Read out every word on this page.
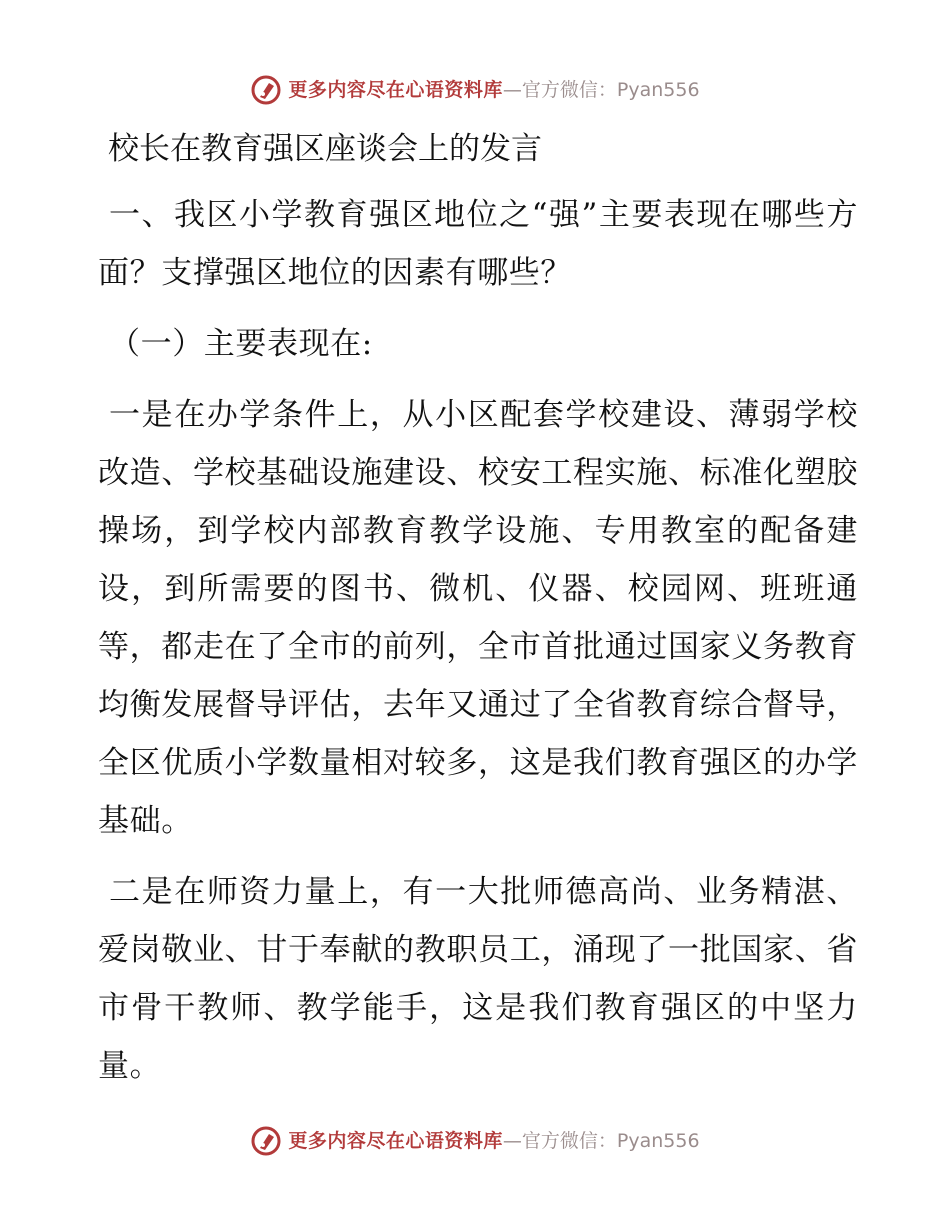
更多内容尽在心语资料库 —官方微信：Pyan556
校长在教育强区座谈会上的发言

一、我区小学教育强区地位之“强”主要表现在哪些方面？支撑强区地位的因素有哪些？

（一）主要表现在:

一是在办学条件上，从小区配套学校建设、薄弱学校改造、学校基础设施建设、校安工程实施、标准化塑胶操场，到学校内部教育教学设施、专用教室的配备建设，到所需要的图书、微机、仪器、校园网、班班通等，都走在了全市的前列，全市首批通过国家义务教育均衡发展督导评估，去年又通过了全省教育综合督导，全区优质小学数量相对较多，这是我们教育强区的办学基础。

二是在师资力量上，有一大批师德高尚、业务精湛、爱岗敬业、甘于奉献的教职员工，涌现了一批国家、省市骨干教师、教学能手，这是我们教育强区的中坚力量。

更多内容尽在心语资料库 —官方微信：Pyan556
